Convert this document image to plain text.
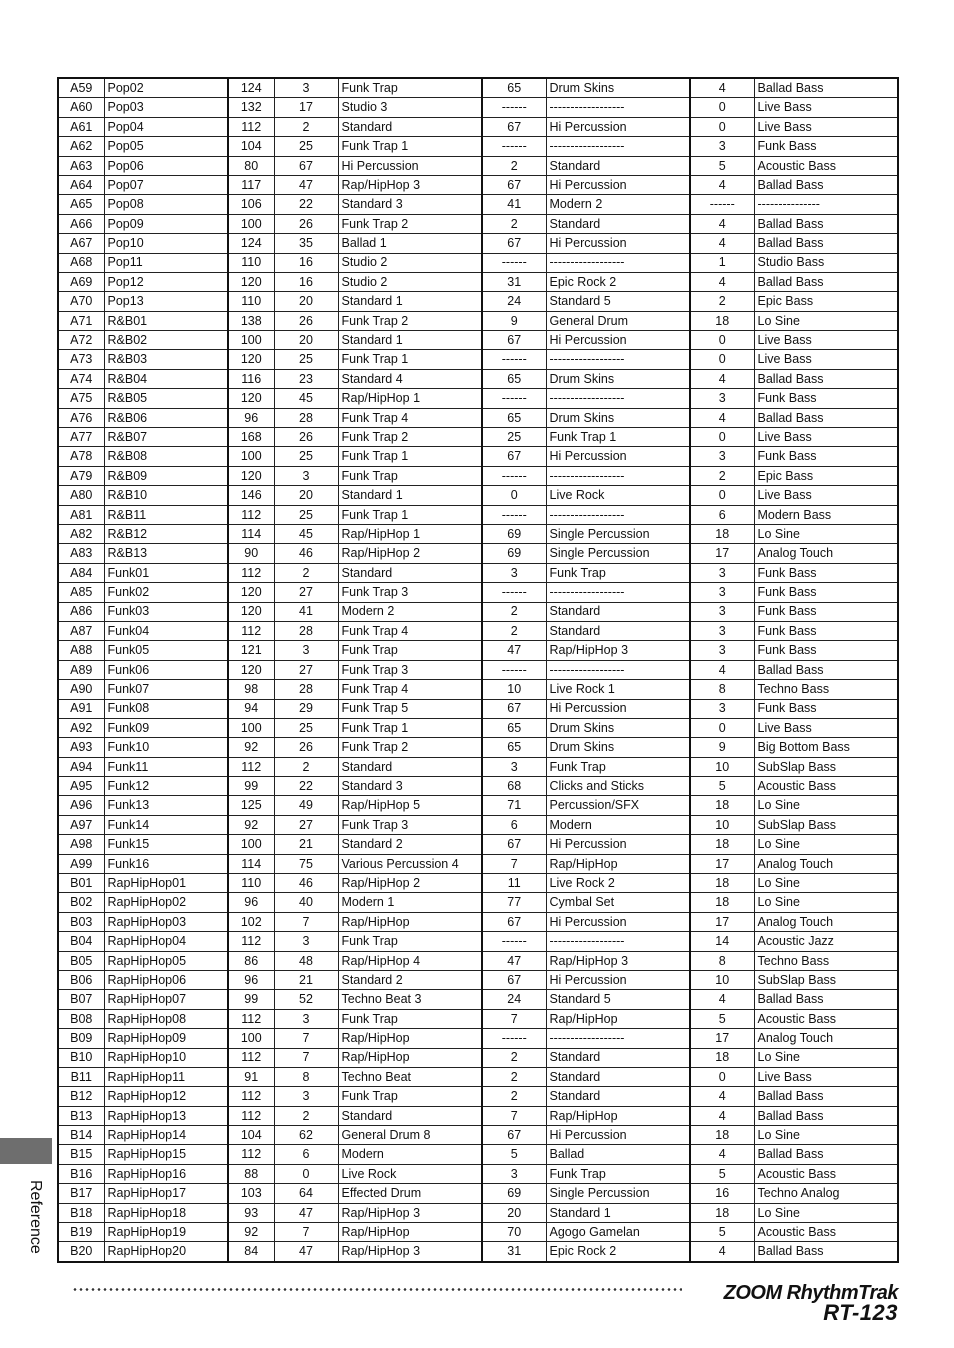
A59	Pop02	124	3	Funk Trap	65	Drum Skins	4	Ballad Bass
A60	Pop03	132	17	Studio 3	------	------------------	0	Live Bass
A61	Pop04	112	2	Standard	67	Hi Percussion	0	Live Bass
A62	Pop05	104	25	Funk Trap 1	------	------------------	3	Funk Bass
A63	Pop06	80	67	Hi Percussion	2	Standard	5	Acoustic Bass
A64	Pop07	117	47	Rap/HipHop 3	67	Hi Percussion	4	Ballad Bass
A65	Pop08	106	22	Standard 3	41	Modern 2	------	---------------
A66	Pop09	100	26	Funk Trap 2	2	Standard	4	Ballad Bass
A67	Pop10	124	35	Ballad 1	67	Hi Percussion	4	Ballad Bass
A68	Pop11	110	16	Studio 2	------	------------------	1	Studio Bass
A69	Pop12	120	16	Studio 2	31	Epic Rock 2	4	Ballad Bass
A70	Pop13	110	20	Standard 1	24	Standard 5	2	Epic Bass
A71	R&B01	138	26	Funk Trap 2	9	General Drum	18	Lo Sine
A72	R&B02	100	20	Standard 1	67	Hi Percussion	0	Live Bass
A73	R&B03	120	25	Funk Trap 1	------	------------------	0	Live Bass
A74	R&B04	116	23	Standard 4	65	Drum Skins	4	Ballad Bass
A75	R&B05	120	45	Rap/HipHop 1	------	------------------	3	Funk Bass
A76	R&B06	96	28	Funk Trap 4	65	Drum Skins	4	Ballad Bass
A77	R&B07	168	26	Funk Trap 2	25	Funk Trap 1	0	Live Bass
A78	R&B08	100	25	Funk Trap 1	67	Hi Percussion	3	Funk Bass
A79	R&B09	120	3	Funk Trap	------	------------------	2	Epic Bass
A80	R&B10	146	20	Standard 1	0	Live Rock	0	Live Bass
A81	R&B11	112	25	Funk Trap 1	------	------------------	6	Modern Bass
A82	R&B12	114	45	Rap/HipHop 1	69	Single Percussion	18	Lo Sine
A83	R&B13	90	46	Rap/HipHop 2	69	Single Percussion	17	Analog Touch
A84	Funk01	112	2	Standard	3	Funk Trap	3	Funk Bass
A85	Funk02	120	27	Funk Trap 3	------	------------------	3	Funk Bass
A86	Funk03	120	41	Modern 2	2	Standard	3	Funk Bass
A87	Funk04	112	28	Funk Trap 4	2	Standard	3	Funk Bass
A88	Funk05	121	3	Funk Trap	47	Rap/HipHop 3	3	Funk Bass
A89	Funk06	120	27	Funk Trap 3	------	------------------	4	Ballad Bass
A90	Funk07	98	28	Funk Trap 4	10	Live Rock 1	8	Techno Bass
A91	Funk08	94	29	Funk Trap 5	67	Hi Percussion	3	Funk Bass
A92	Funk09	100	25	Funk Trap 1	65	Drum Skins	0	Live Bass
A93	Funk10	92	26	Funk Trap 2	65	Drum Skins	9	Big Bottom Bass
A94	Funk11	112	2	Standard	3	Funk Trap	10	SubSlap Bass
A95	Funk12	99	22	Standard 3	68	Clicks and Sticks	5	Acoustic Bass
A96	Funk13	125	49	Rap/HipHop 5	71	Percussion/SFX	18	Lo Sine
A97	Funk14	92	27	Funk Trap 3	6	Modern	10	SubSlap Bass
A98	Funk15	100	21	Standard 2	67	Hi Percussion	18	Lo Sine
A99	Funk16	114	75	Various Percussion 4	7	Rap/HipHop	17	Analog Touch
B01	RapHipHop01	110	46	Rap/HipHop 2	11	Live Rock 2	18	Lo Sine
B02	RapHipHop02	96	40	Modern 1	77	Cymbal Set	18	Lo Sine
B03	RapHipHop03	102	7	Rap/HipHop	67	Hi Percussion	17	Analog Touch
B04	RapHipHop04	112	3	Funk Trap	------	------------------	14	Acoustic Jazz
B05	RapHipHop05	86	48	Rap/HipHop 4	47	Rap/HipHop 3	8	Techno Bass
B06	RapHipHop06	96	21	Standard 2	67	Hi Percussion	10	SubSlap Bass
B07	RapHipHop07	99	52	Techno Beat 3	24	Standard 5	4	Ballad Bass
B08	RapHipHop08	112	3	Funk Trap	7	Rap/HipHop	5	Acoustic Bass
B09	RapHipHop09	100	7	Rap/HipHop	------	------------------	17	Analog Touch
B10	RapHipHop10	112	7	Rap/HipHop	2	Standard	18	Lo Sine
B11	RapHipHop11	91	8	Techno Beat	2	Standard	0	Live Bass
B12	RapHipHop12	112	3	Funk Trap	2	Standard	4	Ballad Bass
B13	RapHipHop13	112	2	Standard	7	Rap/HipHop	4	Ballad Bass
B14	RapHipHop14	104	62	General Drum 8	67	Hi Percussion	18	Lo Sine
B15	RapHipHop15	112	6	Modern	5	Ballad	4	Ballad Bass
B16	RapHipHop16	88	0	Live Rock	3	Funk Trap	5	Acoustic Bass
B17	RapHipHop17	103	64	Effected Drum	69	Single Percussion	16	Techno Analog
B18	RapHipHop18	93	47	Rap/HipHop 3	20	Standard 1	18	Lo Sine
B19	RapHipHop19	92	7	Rap/HipHop	70	Agogo Gamelan	5	Acoustic Bass
B20	RapHipHop20	84	47	Rap/HipHop 3	31	Epic Rock 2	4	Ballad Bass
Reference
ZOOM RhythmTrak
RT-123
